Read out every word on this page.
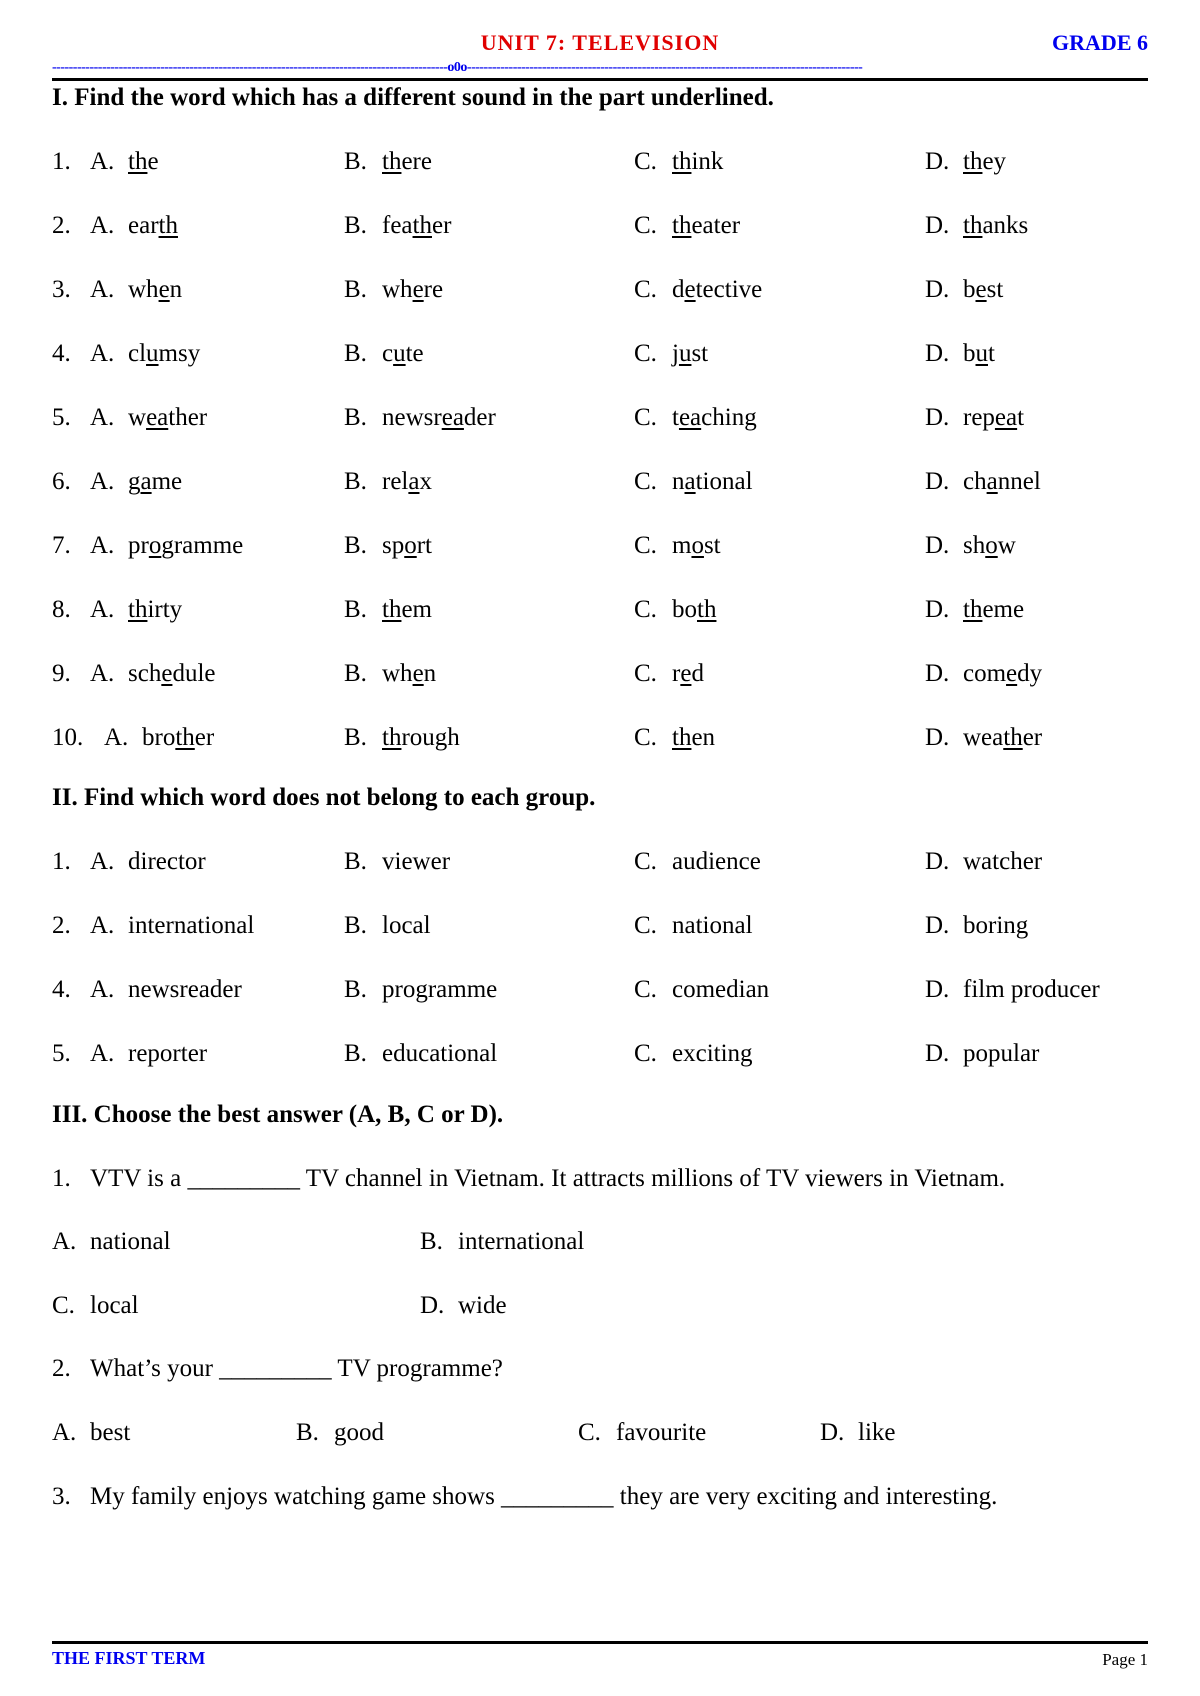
UNIT 7: TELEVISION	GRADE 6
-----------------------------------------------------------------------------------------------o0o-----------------------------------------------------------------------------------------------
I. Find the word which has a different sound in the part underlined.
1. A. the	B. there	C. think	D. they
2. A. earth	B. feather	C. theater	D. thanks
3. A. when	B. where	C. detective	D. best
4. A. clumsy	B. cute	C. just	D. but
5. A. weather	B. newsreader	C. teaching	D. repeat
6. A. game	B. relax	C. national	D. channel
7. A. programme	B. sport	C. most	D. show
8. A. thirty	B. them	C. both	D. theme
9. A. schedule	B. when	C. red	D. comedy
10. A. brother	B. through	C. then	D. weather
II. Find which word does not belong to each group.
1. A. director	B. viewer	C. audience	D. watcher
2. A. international	B. local	C. national	D. boring
4. A. newsreader	B. programme	C. comedian	D. film producer
5. A. reporter	B. educational	C. exciting	D. popular
III. Choose the best answer (A, B, C or D).
1. VTV is a _________ TV channel in Vietnam. It attracts millions of TV viewers in Vietnam.
A. national	B. international
C. local	D. wide
2. What’s your _________ TV programme?
A. best	B. good	C. favourite	D. like
3. My family enjoys watching game shows _________ they are very exciting and interesting.
THE FIRST TERM	Page 1
